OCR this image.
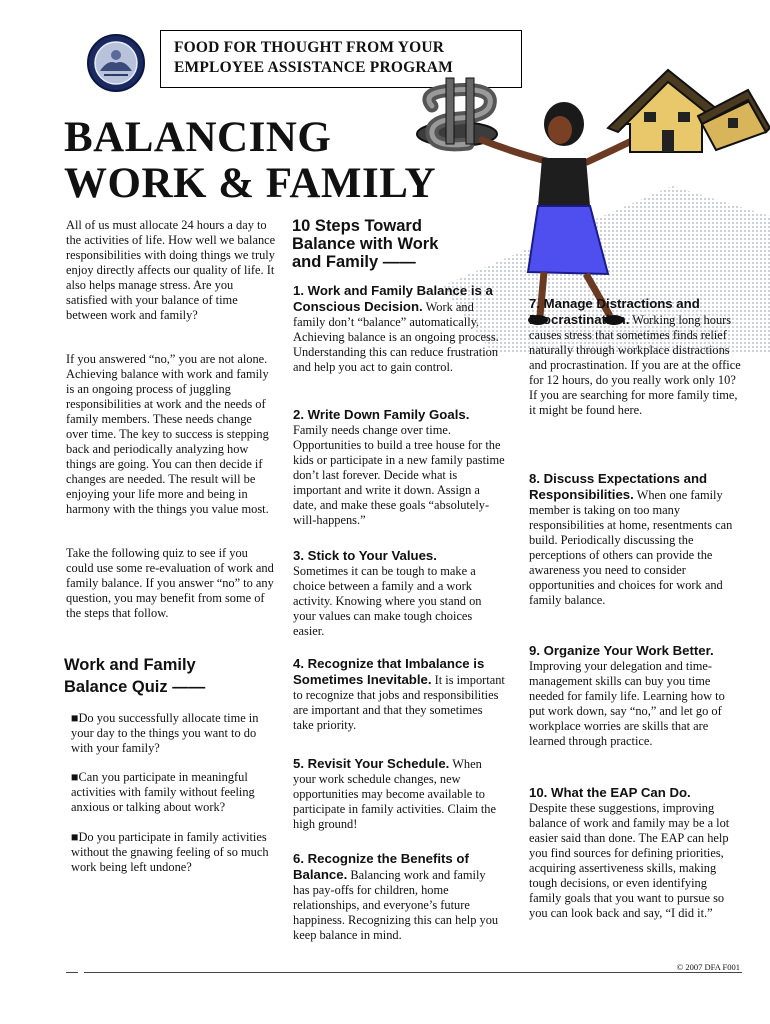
FOOD FOR THOUGHT FROM YOUR
EMPLOYEE ASSISTANCE PROGRAM
BALANCING
WORK & FAMILY
All of us must allocate 24 hours a day to the activities of life. How well we balance responsibilities with doing things we truly enjoy directly affects our quality of life. It also helps manage stress. Are you satisfied with your balance of time between work and family?
If you answered “no,” you are not alone. Achieving balance with work and family is an ongoing process of juggling responsibilities at work and the needs of family members. These needs change over time. The key to success is stepping back and periodically analyzing how things are going. You can then decide if changes are needed. The result will be enjoying your life more and being in harmony with the things you value most.
Take the following quiz to see if you could use some re-evaluation of work and family balance. If you answer “no” to any question, you may benefit from some of the steps that follow.
Work and Family
Balance Quiz ——
■Do you successfully allocate time in your day to the things you want to do with your family?
■Can you participate in meaningful activities with family without feeling anxious or talking about work?
■Do you participate in family activities without the gnawing feeling of so much work being left undone?
10 Steps Toward
Balance with Work
and Family ——

1. Work and Family Balance is a Conscious Decision. Work and family don’t “balance” automatically. Achieving balance is an ongoing process. Understanding this can reduce frustration and help you act to gain control.

2. Write Down Family Goals.
Family needs change over time. Opportunities to build a tree house for the kids or participate in a new family pastime don’t last forever. Decide what is important and write it down. Assign a date, and make these goals “absolutely-will-happens.”

3. Stick to Your Values.
Sometimes it can be tough to make a choice between a family and a work activity. Knowing where you stand on your values can make tough choices easier.

4. Recognize that Imbalance is Sometimes Inevitable. It is important to recognize that jobs and responsibilities are important and that they sometimes take priority.

5. Revisit Your Schedule. When your work schedule changes, new opportunities may become available to participate in family activities. Claim the high ground!

6. Recognize the Benefits of Balance. Balancing work and family has pay-offs for children, home relationships, and everyone’s future happiness. Recognizing this can help you keep balance in mind.

7. Manage Distractions and Procrastination. Working long hours causes stress that sometimes finds relief naturally through workplace distractions and procrastination. If you are at the office for 12 hours, do you really work only 10? If you are searching for more family time, it might be found here.

8. Discuss Expectations and Responsibilities. When one family member is taking on too many responsibilities at home, resentments can build. Periodically discussing the perceptions of others can provide the awareness you need to consider opportunities and choices for work and family balance.

9. Organize Your Work Better.
Improving your delegation and time-management skills can buy you time needed for family life. Learning how to put work down, say “no,” and let go of workplace worries are skills that are learned through practice.

10. What the EAP Can Do.
Despite these suggestions, improving balance of work and family may be a lot easier said than done. The EAP can help you find sources for defining priorities, acquiring assertiveness skills, making tough decisions, or even identifying family goals that you want to pursue so you can look back and say, “I did it.”

© 2007 DFA F001
